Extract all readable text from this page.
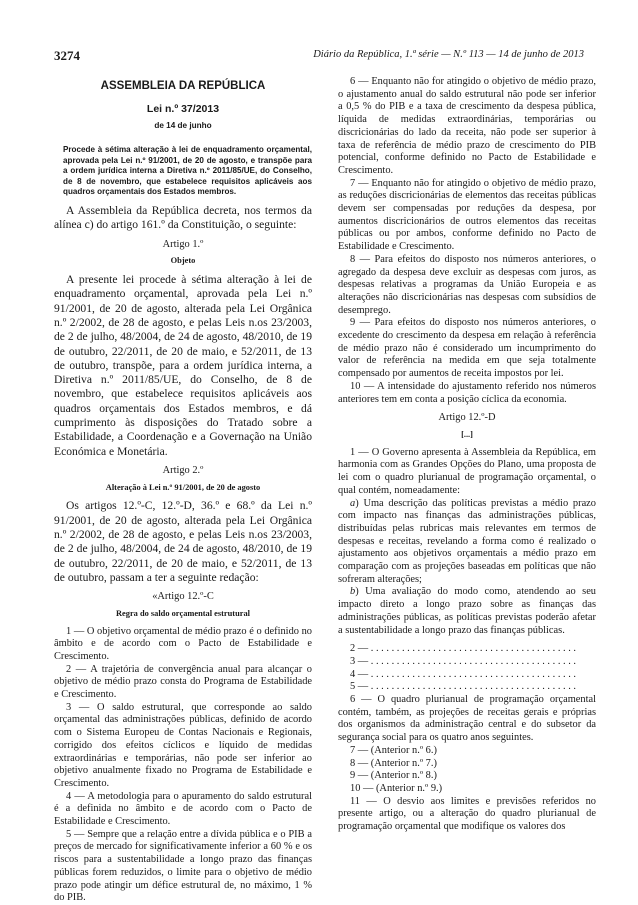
3274	Diário da República, 1.ª série — N.º 113 — 14 de junho de 2013
ASSEMBLEIA DA REPÚBLICA
Lei n.º 37/2013
de 14 de junho

Procede à sétima alteração à lei de enquadramento orçamental, aprovada pela Lei n.º 91/2001, de 20 de agosto, e transpõe para a ordem jurídica interna a Diretiva n.º 2011/85/UE, do Conselho, de 8 de novembro, que estabelece requisitos aplicáveis aos quadros orçamentais dos Estados membros.

A Assembleia da República decreta, nos termos da alínea c) do artigo 161.º da Constituição, o seguinte:

Artigo 1.º
Objeto

A presente lei procede à sétima alteração à lei de enquadramento orçamental, aprovada pela Lei n.º 91/2001, de 20 de agosto, alterada pela Lei Orgânica n.º 2/2002, de 28 de agosto, e pelas Leis n.os 23/2003, de 2 de julho, 48/2004, de 24 de agosto, 48/2010, de 19 de outubro, 22/2011, de 20 de maio, e 52/2011, de 13 de outubro, transpõe, para a ordem jurídica interna, a Diretiva n.º 2011/85/UE, do Conselho, de 8 de novembro, que estabelece requisitos aplicáveis aos quadros orçamentais dos Estados membros, e dá cumprimento às disposições do Tratado sobre a Estabilidade, a Coordenação e a Governação na União Económica e Monetária.

Artigo 2.º
Alteração à Lei n.º 91/2001, de 20 de agosto

Os artigos 12.º-C, 12.º-D, 36.º e 68.º da Lei n.º 91/2001, de 20 de agosto, alterada pela Lei Orgânica n.º 2/2002, de 28 de agosto, e pelas Leis n.os 23/2003, de 2 de julho, 48/2004, de 24 de agosto, 48/2010, de 19 de outubro, 22/2011, de 20 de maio, e 52/2011, de 13 de outubro, passam a ter a seguinte redação:

«Artigo 12.º-C
Regra do saldo orçamental estrutural

1 — O objetivo orçamental de médio prazo é o definido no âmbito e de acordo com o Pacto de Estabilidade e Crescimento.

2 — A trajetória de convergência anual para alcançar o objetivo de médio prazo consta do Programa de Estabilidade e Crescimento.

3 — O saldo estrutural, que corresponde ao saldo orçamental das administrações públicas, definido de acordo com o Sistema Europeu de Contas Nacionais e Regionais, corrigido dos efeitos cíclicos e líquido de medidas extraordinárias e temporárias, não pode ser inferior ao objetivo anualmente fixado no Programa de Estabilidade e Crescimento.

4 — A metodologia para o apuramento do saldo estrutural é a definida no âmbito e de acordo com o Pacto de Estabilidade e Crescimento.

5 — Sempre que a relação entre a dívida pública e o PIB a preços de mercado for significativamente inferior a 60 % e os riscos para a sustentabilidade a longo prazo das finanças públicas forem reduzidos, o limite para o objetivo de médio prazo pode atingir um défice estrutural de, no máximo, 1 % do PIB.

6 — Enquanto não for atingido o objetivo de médio prazo, o ajustamento anual do saldo estrutural não pode ser inferior a 0,5 % do PIB e a taxa de crescimento da despesa pública, líquida de medidas extraordinárias, temporárias ou discricionárias do lado da receita, não pode ser superior à taxa de referência de médio prazo de crescimento do PIB potencial, conforme definido no Pacto de Estabilidade e Crescimento.

7 — Enquanto não for atingido o objetivo de médio prazo, as reduções discricionárias de elementos das receitas públicas devem ser compensadas por reduções da despesa, por aumentos discricionários de outros elementos das receitas públicas ou por ambos, conforme definido no Pacto de Estabilidade e Crescimento.

8 — Para efeitos do disposto nos números anteriores, o agregado da despesa deve excluir as despesas com juros, as despesas relativas a programas da União Europeia e as alterações não discricionárias nas despesas com subsídios de desemprego.

9 — Para efeitos do disposto nos números anteriores, o excedente do crescimento da despesa em relação à referência de médio prazo não é considerado um incumprimento do valor de referência na medida em que seja totalmente compensado por aumentos de receita impostos por lei.

10 — A intensidade do ajustamento referido nos números anteriores tem em conta a posição cíclica da economia.

Artigo 12.º-D
[...]

1 — O Governo apresenta à Assembleia da República, em harmonia com as Grandes Opções do Plano, uma proposta de lei com o quadro plurianual de programação orçamental, o qual contém, nomeadamente:

a) Uma descrição das políticas previstas a médio prazo com impacto nas finanças das administrações públicas, distribuídas pelas rubricas mais relevantes em termos de despesas e receitas, revelando a forma como é realizado o ajustamento aos objetivos orçamentais a médio prazo em comparação com as projeções baseadas em políticas que não sofreram alterações;

b) Uma avaliação do modo como, atendendo ao seu impacto direto a longo prazo sobre as finanças das administrações públicas, as políticas previstas poderão afetar a sustentabilidade a longo prazo das finanças públicas.

2 — . . . . . . . . . . . . . . . . . . . . . . . . . . . . . . . . . . . . . . . .

3 — . . . . . . . . . . . . . . . . . . . . . . . . . . . . . . . . . . . . . . . .

4 — . . . . . . . . . . . . . . . . . . . . . . . . . . . . . . . . . . . . . . . .

5 — . . . . . . . . . . . . . . . . . . . . . . . . . . . . . . . . . . . . . . . .

6 — O quadro plurianual de programação orçamental contém, também, as projeções de receitas gerais e próprias dos organismos da administração central e do subsetor da segurança social para os quatro anos seguintes.

7 — (Anterior n.º 6.)

8 — (Anterior n.º 7.)

9 — (Anterior n.º 8.)

10 — (Anterior n.º 9.)

11 — O desvio aos limites e previsões referidos no presente artigo, ou a alteração do quadro plurianual de programação orçamental que modifique os valores dos
